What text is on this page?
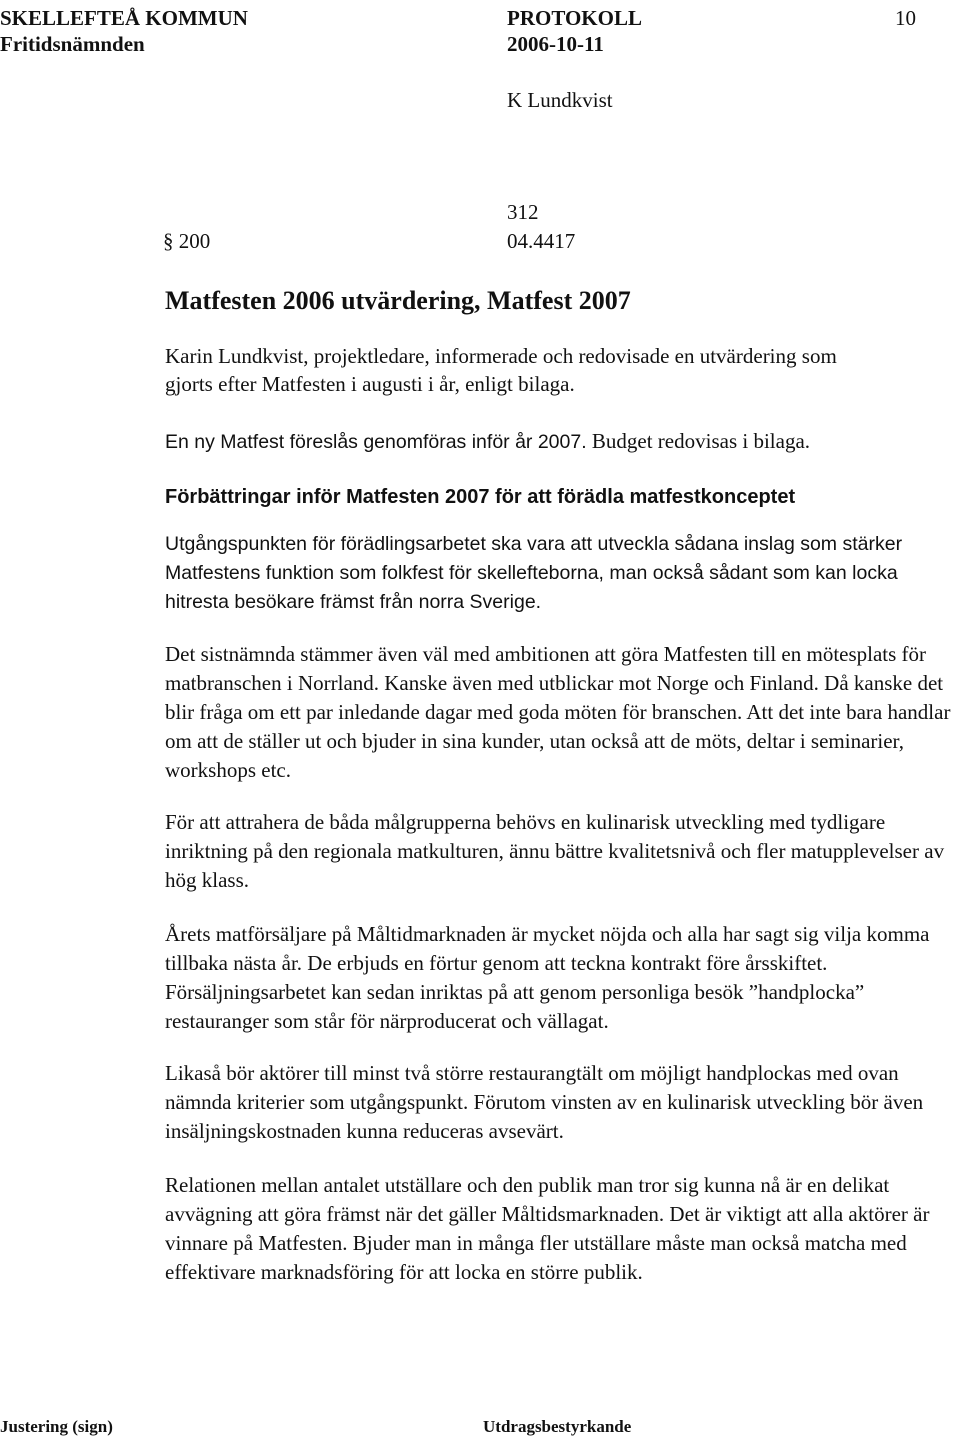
SKELLEFTEÅ KOMMUN	PROTOKOLL	10
Fritidsnämnden	2006-10-11
K Lundkvist
312
§ 200	04.4417
Matfesten 2006 utvärdering, Matfest 2007
Karin Lundkvist, projektledare, informerade och redovisade en utvärdering som
gjorts efter Matfesten i augusti i år, enligt bilaga.
En ny Matfest föreslås genomföras inför år 2007. Budget redovisas i bilaga.
Förbättringar inför Matfesten 2007 för att förädla matfestkonceptet

Utgångspunkten för förädlingsarbetet ska vara att utveckla sådana inslag som stärker Matfestens funktion som folkfest för skellefteborna, man också sådant som kan locka hitresta besökare främst från norra Sverige.

Det sistnämnda stämmer även väl med ambitionen att göra Matfesten till en mötesplats för matbranschen i Norrland. Kanske även med utblickar mot Norge och Finland. Då kanske det blir fråga om ett par inledande dagar med goda möten för branschen. Att det inte bara handlar om att de ställer ut och bjuder in sina kunder, utan också att de möts, deltar i seminarier, workshops etc.

För att attrahera de båda målgrupperna behövs en kulinarisk utveckling med tydligare inriktning på den regionala matkulturen, ännu bättre kvalitetsnivå och fler matupplevelser av hög klass.

Årets matförsäljare på Måltidmarknaden är mycket nöjda och alla har sagt sig vilja komma tillbaka nästa år. De erbjuds en förtur genom att teckna kontrakt före årsskiftet. Försäljningsarbetet kan sedan inriktas på att genom personliga besök ”handplocka” restauranger som står för närproducerat och vällagat.

Likaså bör aktörer till minst två större restaurangtält om möjligt handplockas med ovan nämnda kriterier som utgångspunkt. Förutom vinsten av en kulinarisk utveckling bör även insäljningskostnaden kunna reduceras avsevärt.

Relationen mellan antalet utställare och den publik man tror sig kunna nå är en delikat avvägning att göra främst när det gäller Måltidsmarknaden. Det är viktigt att alla aktörer är vinnare på Matfesten. Bjuder man in många fler utställare måste man också matcha med effektivare marknadsföring för att locka en större publik.

Justering (sign)	Utdragsbestyrkande
